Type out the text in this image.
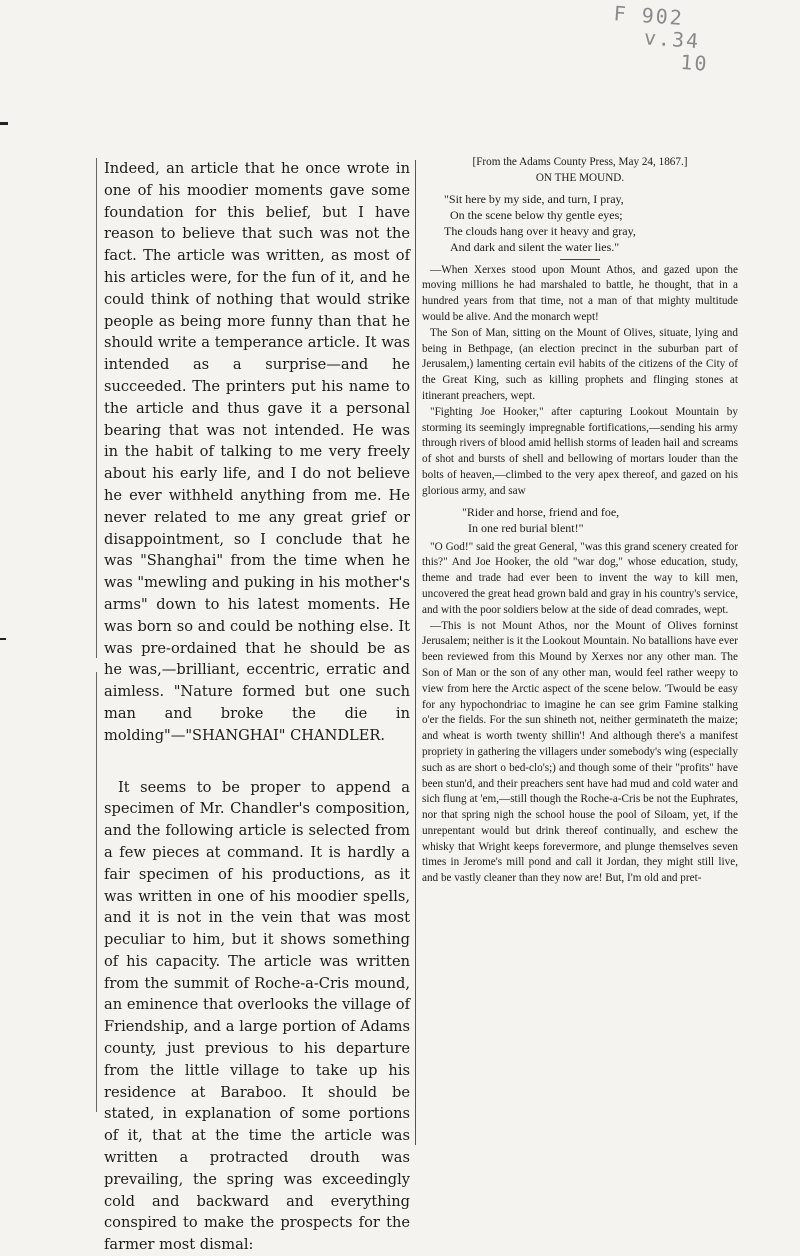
F 902
v.34
10

Indeed, an article that he once wrote in one of his moodier moments gave some foundation for this belief, but I have reason to believe that such was not the fact. The article was written, as most of his articles were, for the fun of it, and he could think of nothing that would strike people as being more funny than that he should write a temperance article. It was intended as a surprise—and he succeeded. The printers put his name to the article and thus gave it a personal bearing that was not intended. He was in the habit of talking to me very freely about his early life, and I do not believe he ever withheld anything from me. He never related to me any great grief or disappointment, so I conclude that he was "Shanghai" from the time when he was "mewling and puking in his mother's arms" down to his latest moments. He was born so and could be nothing else. It was pre-ordained that he should be as he was,—brilliant, eccentric, erratic and aimless. "Nature formed but one such man and broke the die in molding"—"SHANGHAI" CHANDLER.

It seems to be proper to append a specimen of Mr. Chandler's composition, and the following article is selected from a few pieces at command. It is hardly a fair specimen of his productions, as it was written in one of his moodier spells, and it is not in the vein that was most peculiar to him, but it shows something of his capacity. The article was written from the summit of Roche-a-Cris mound, an eminence that overlooks the village of Friendship, and a large portion of Adams county, just previous to his departure from the little village to take up his residence at Baraboo. It should be stated, in explanation of some portions of it, that at the time the article was written a protracted drouth was prevailing, the spring was exceedingly cold and backward and everything conspired to make the prospects for the farmer most dismal:

[From the Adams County Press, May 24, 1867.]

ON THE MOUND.

"Sit here by my side, and turn, I pray,
On the scene below thy gentle eyes;
The clouds hang over it heavy and gray,
And dark and silent the water lies."

—When Xerxes stood upon Mount Athos, and gazed upon the moving millions he had marshaled to battle, he thought, that in a hundred years from that time, not a man of that mighty multitude would be alive. And the monarch wept!

The Son of Man, sitting on the Mount of Olives, situate, lying and being in Bethpage, (an election precinct in the suburban part of Jerusalem,) lamenting certain evil habits of the citizens of the City of the Great King, such as killing prophets and flinging stones at itinerant preachers, wept.

"Fighting Joe Hooker," after capturing Lookout Mountain by storming its seemingly impregnable fortifications,—sending his army through rivers of blood amid hellish storms of leaden hail and screams of shot and bursts of shell and bellowing of mortars louder than the bolts of heaven,—climbed to the very apex thereof, and gazed on his glorious army, and saw

"Rider and horse, friend and foe,
In one red burial blent!"

"O God!" said the great General, "was this grand scenery created for this?" And Joe Hooker, the old "war dog," whose education, study, theme and trade had ever been to invent the way to kill men, uncovered the great head grown bald and gray in his country's service, and with the poor soldiers below at the side of dead comrades, wept.

—This is not Mount Athos, nor the Mount of Olives forninst Jerusalem; neither is it the Lookout Mountain. No batallions have ever been reviewed from this Mound by Xerxes nor any other man. The Son of Man or the son of any other man, would feel rather weepy to view from here the Arctic aspect of the scene below. 'Twould be easy for any hypochondriac to imagine he can see grim Famine stalking o'er the fields. For the sun shineth not, neither germinateth the maize; and wheat is worth twenty shillin'! And although there's a manifest propriety in gathering the villagers under somebody's wing (especially such as are short o bed-clo's;) and though some of their "profits" have been stun'd, and their preachers sent have had mud and cold water and sich flung at 'em,—still though the Roche-a-Cris be not the Euphrates, nor that spring nigh the school house the pool of Siloam, yet, if the unrepentant would but drink thereof continually, and eschew the whisky that Wright keeps forevermore, and plunge themselves seven times in Jerome's mill pond and call it Jordan, they might still live, and be vastly cleaner than they now are! But, I'm old and pret-
